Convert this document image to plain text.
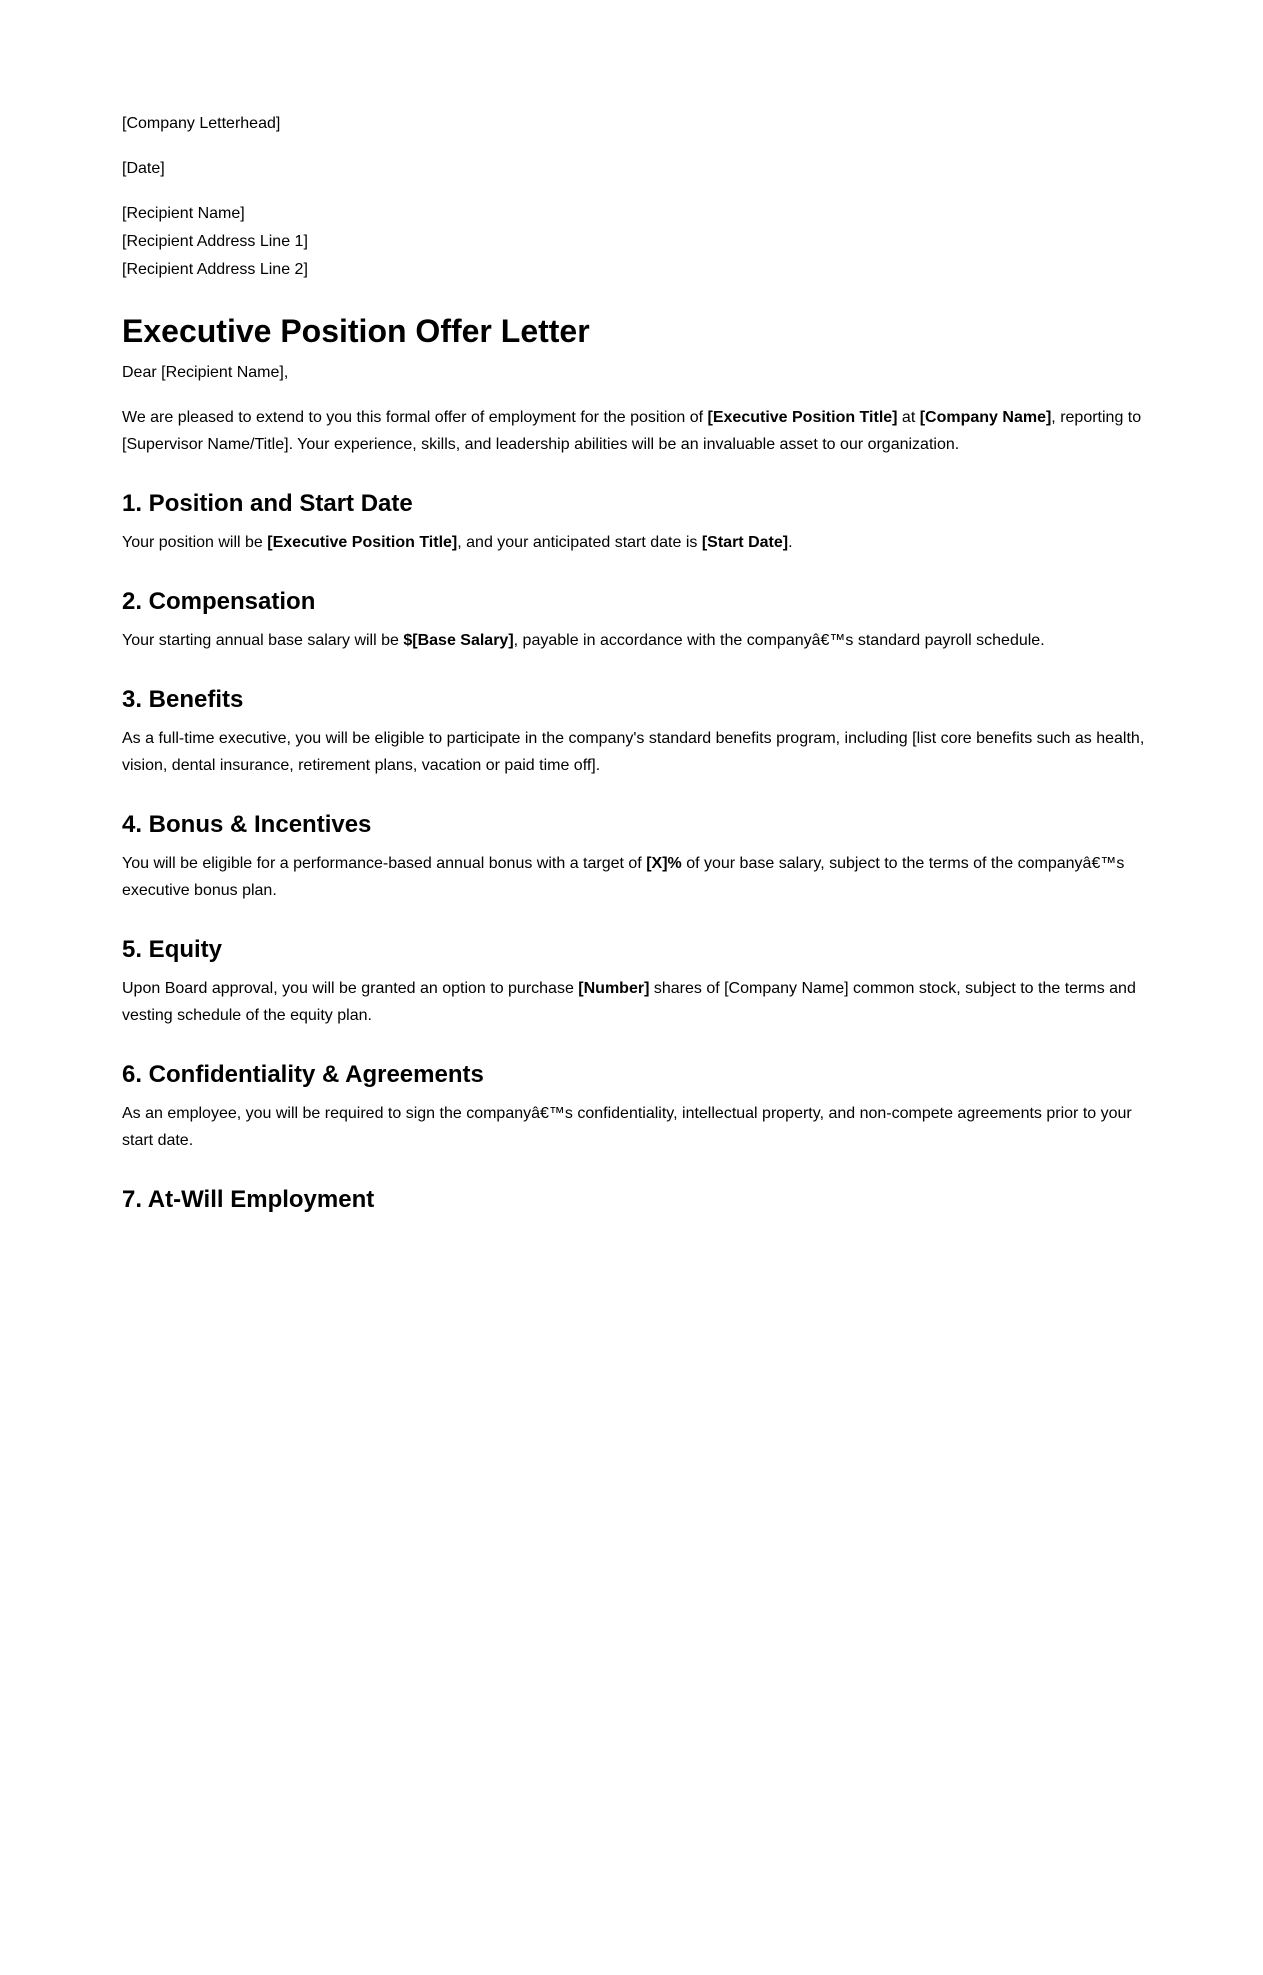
[Company Letterhead]

[Date]

[Recipient Name]

[Recipient Address Line 1]

[Recipient Address Line 2]

Executive Position Offer Letter

Dear [Recipient Name],

We are pleased to extend to you this formal offer of employment for the position of [Executive Position Title] at [Company Name], reporting to [Supervisor Name/Title]. Your experience, skills, and leadership abilities will be an invaluable asset to our organization.

1. Position and Start Date

Your position will be [Executive Position Title], and your anticipated start date is [Start Date].

2. Compensation

Your starting annual base salary will be $[Base Salary], payable in accordance with the companyâ€™s standard payroll schedule.

3. Benefits

As a full-time executive, you will be eligible to participate in the company's standard benefits program, including [list core benefits such as health, vision, dental insurance, retirement plans, vacation or paid time off].

4. Bonus & Incentives

You will be eligible for a performance-based annual bonus with a target of [X]% of your base salary, subject to the terms of the companyâ€™s executive bonus plan.

5. Equity

Upon Board approval, you will be granted an option to purchase [Number] shares of [Company Name] common stock, subject to the terms and vesting schedule of the equity plan.

6. Confidentiality & Agreements

As an employee, you will be required to sign the companyâ€™s confidentiality, intellectual property, and non-compete agreements prior to your start date.

7. At-Will Employment
